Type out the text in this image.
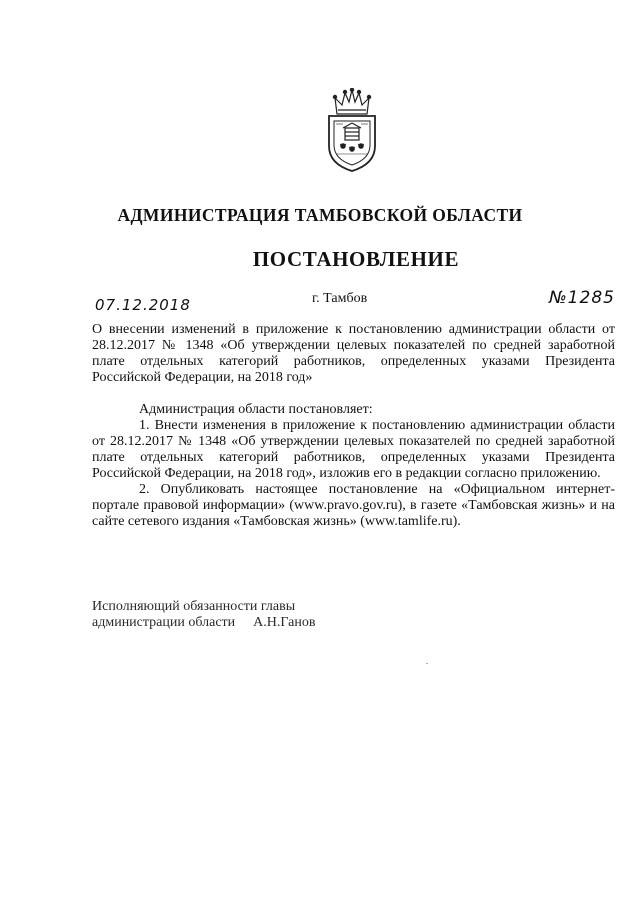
АДМИНИСТРАЦИЯ ТАМБОВСКОЙ ОБЛАСТИ
ПОСТАНОВЛЕНИЕ
07.12.2018	г. Тамбов	№1285

О внесении изменений в приложение к постановлению администрации области от 28.12.2017 № 1348 «Об утверждении целевых показателей по средней заработной плате отдельных категорий работников, определенных указами Президента Российской Федерации, на 2018 год»

Администрация области постановляет:

1. Внести изменения в приложение к постановлению администрации области от 28.12.2017 № 1348 «Об утверждении целевых показателей по средней заработной плате отдельных категорий работников, определенных указами Президента Российской Федерации, на 2018 год», изложив его в редакции согласно приложению.

2. Опубликовать настоящее постановление на «Официальном интернет-портале правовой информации» (www.pravo.gov.ru), в газете «Тамбовская жизнь» и на сайте сетевого издания «Тамбовская жизнь» (www.tamlife.ru).

Исполняющий обязанности главы
администрации области А.Н.Ганов
